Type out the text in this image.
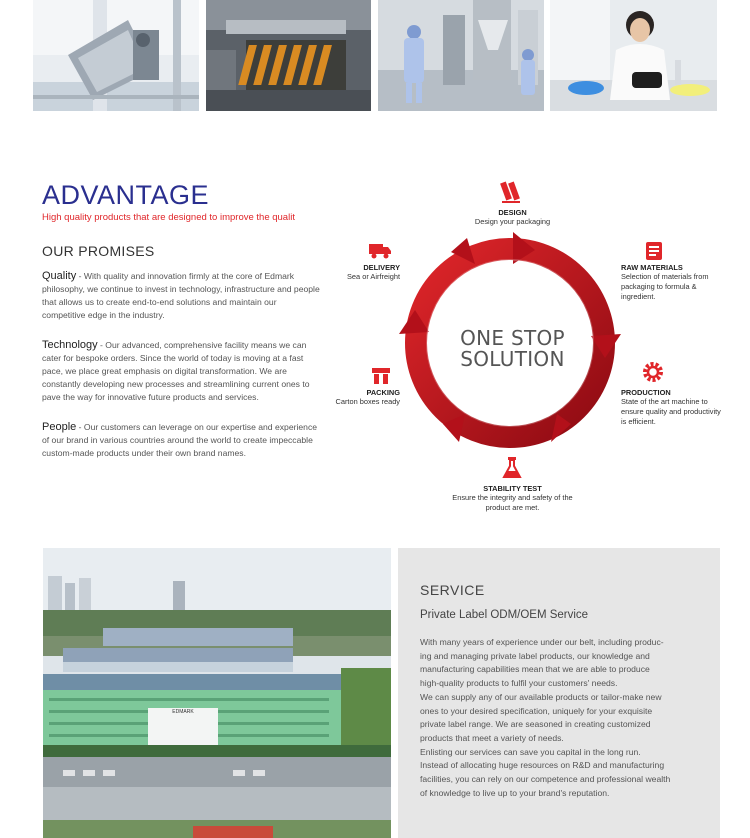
ADVANTAGE
High quality products that are designed to improve the qualit
OUR PROMISES
Quality - With quality and innovation firmly at the core of Edmark philosophy, we continue to invest in technology, infrastructure and people that allows us to create end-to-end solutions and maintain our competitive edge in the industry.
Technology - Our advanced, comprehensive facility means we can cater for bespoke orders. Since the world of today is moving at a fast pace, we place great emphasis on digital transformation. We are constantly developing new processes and streamlining current ones to pave the way for innovative future products and services.
People - Our customers can leverage on our expertise and experience of our brand in various countries around the world to create impeccable custom-made products under their own brand names.
ONE STOP
SOLUTION
DESIGN
Design your packaging
RAW MATERIALS
Selection of materials from packaging to formula & ingredient.
PRODUCTION
State of the art machine to ensure quality and productivity is efficient.
STABILITY TEST
Ensure the integrity and safety of the product are met.
PACKING
Carton boxes ready
DELIVERY
Sea or Airfreight
EDMARK
SERVICE
Private Label ODM/OEM Service

With many years of experience under our belt, including produc-

ing and managing private label products, our knowledge and

manufacturing capabilities mean that we are able to produce

high-quality products to fulfil your customers' needs.

We can supply any of our available products or tailor-make new

ones to your desired specification, uniquely for your exquisite

private label range. We are seasoned in creating customized

products that meet a variety of needs.

Enlisting our services can save you capital in the long run.

Instead of allocating huge resources on R&D and manufacturing

facilities, you can rely on our competence and professional wealth

of knowledge to live up to your brand's reputation.
